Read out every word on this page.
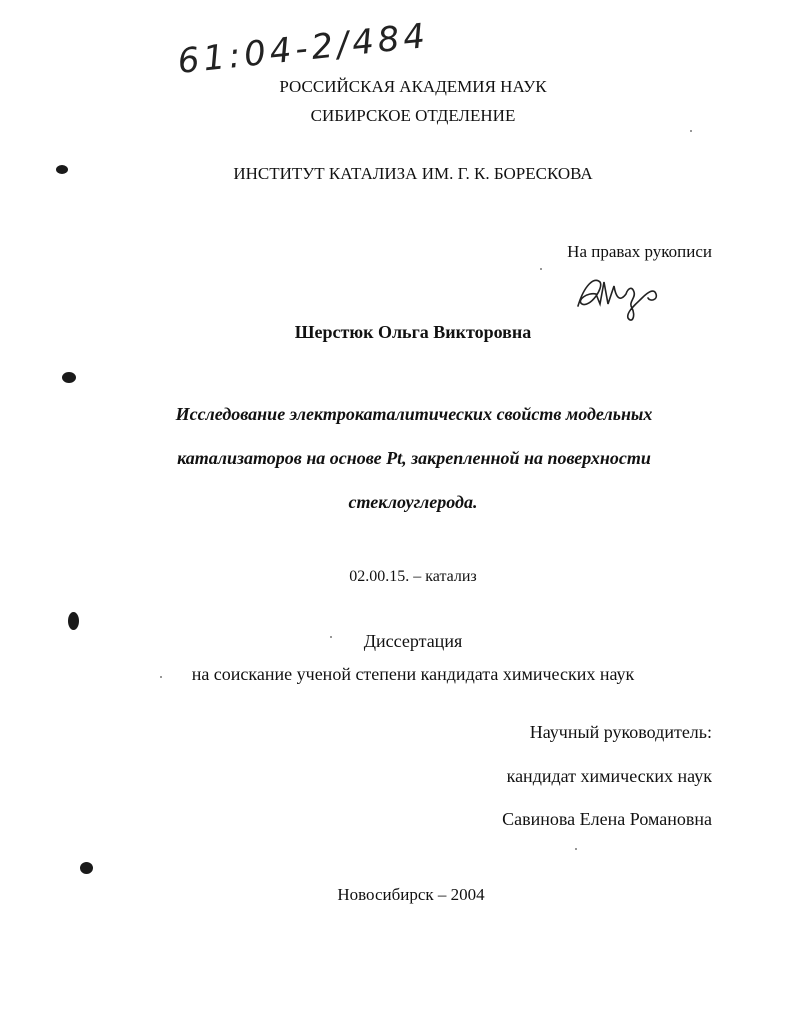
61:04-2/484
РОССИЙСКАЯ АКАДЕМИЯ НАУК
СИБИРСКОЕ ОТДЕЛЕНИЕ
ИНСТИТУТ КАТАЛИЗА ИМ. Г. К. БОРЕСКОВА
На правах рукописи
Шерстюк Ольга Викторовна
Исследование электрокаталитических свойств модельных
катализаторов на основе Pt, закрепленной на поверхности
стеклоуглерода.
02.00.15. – катализ
Диссертация
на соискание ученой степени кандидата химических наук
Научный руководитель:
кандидат химических наук
Савинова Елена Романовна
Новосибирск – 2004
